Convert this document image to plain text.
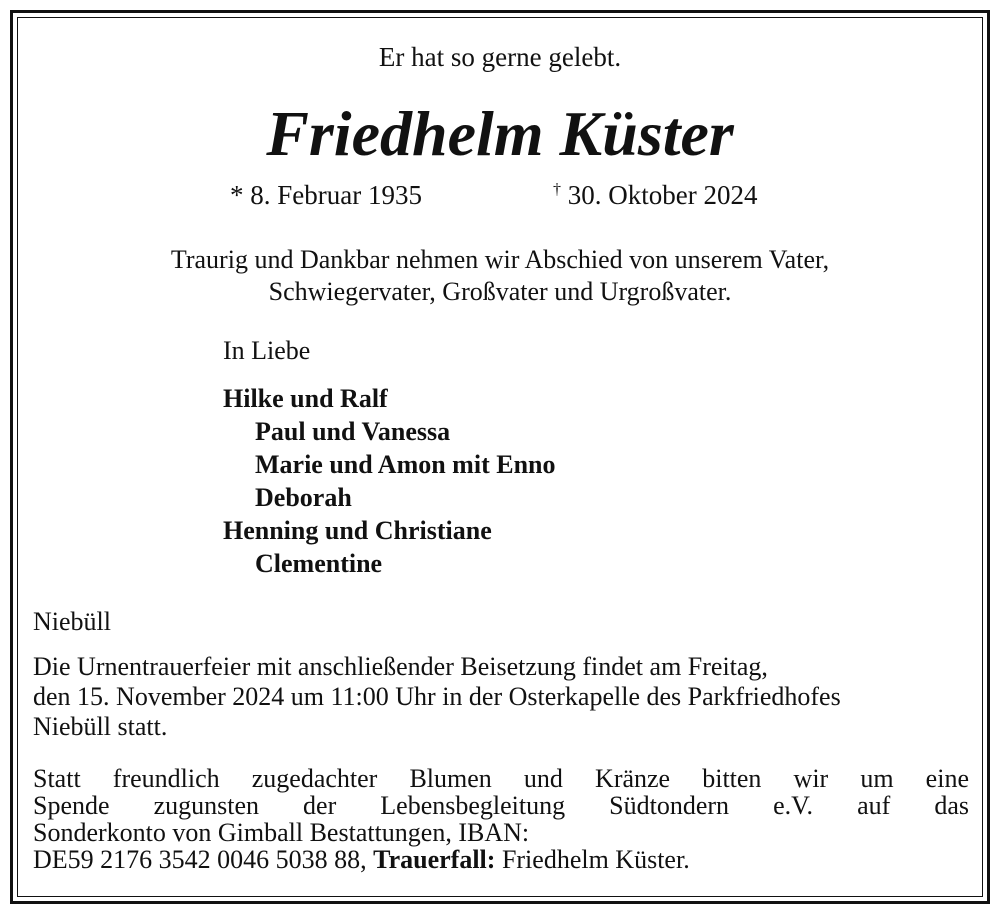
Er hat so gerne gelebt.
Friedhelm Küster
* 8. Februar 1935	† 30. Oktober 2024
Traurig und Dankbar nehmen wir Abschied von unserem Vater,
Schwiegervater, Großvater und Urgroßvater.
In Liebe
Hilke und Ralf
Paul und Vanessa
Marie und Amon mit Enno
Deborah
Henning und Christiane
Clementine
Niebüll
Die Urnentrauerfeier mit anschließender Beisetzung findet am Freitag,
den 15. November 2024 um 11:00 Uhr in der Osterkapelle des Parkfriedhofes
Niebüll statt.
Statt freundlich zugedachter Blumen und Kränze bitten wir um eine
Spende zugunsten der Lebensbegleitung Südtondern e.V. auf das
Sonderkonto von Gimball Bestattungen, IBAN:
DE59 2176 3542 0046 5038 88, Trauerfall: Friedhelm Küster.
